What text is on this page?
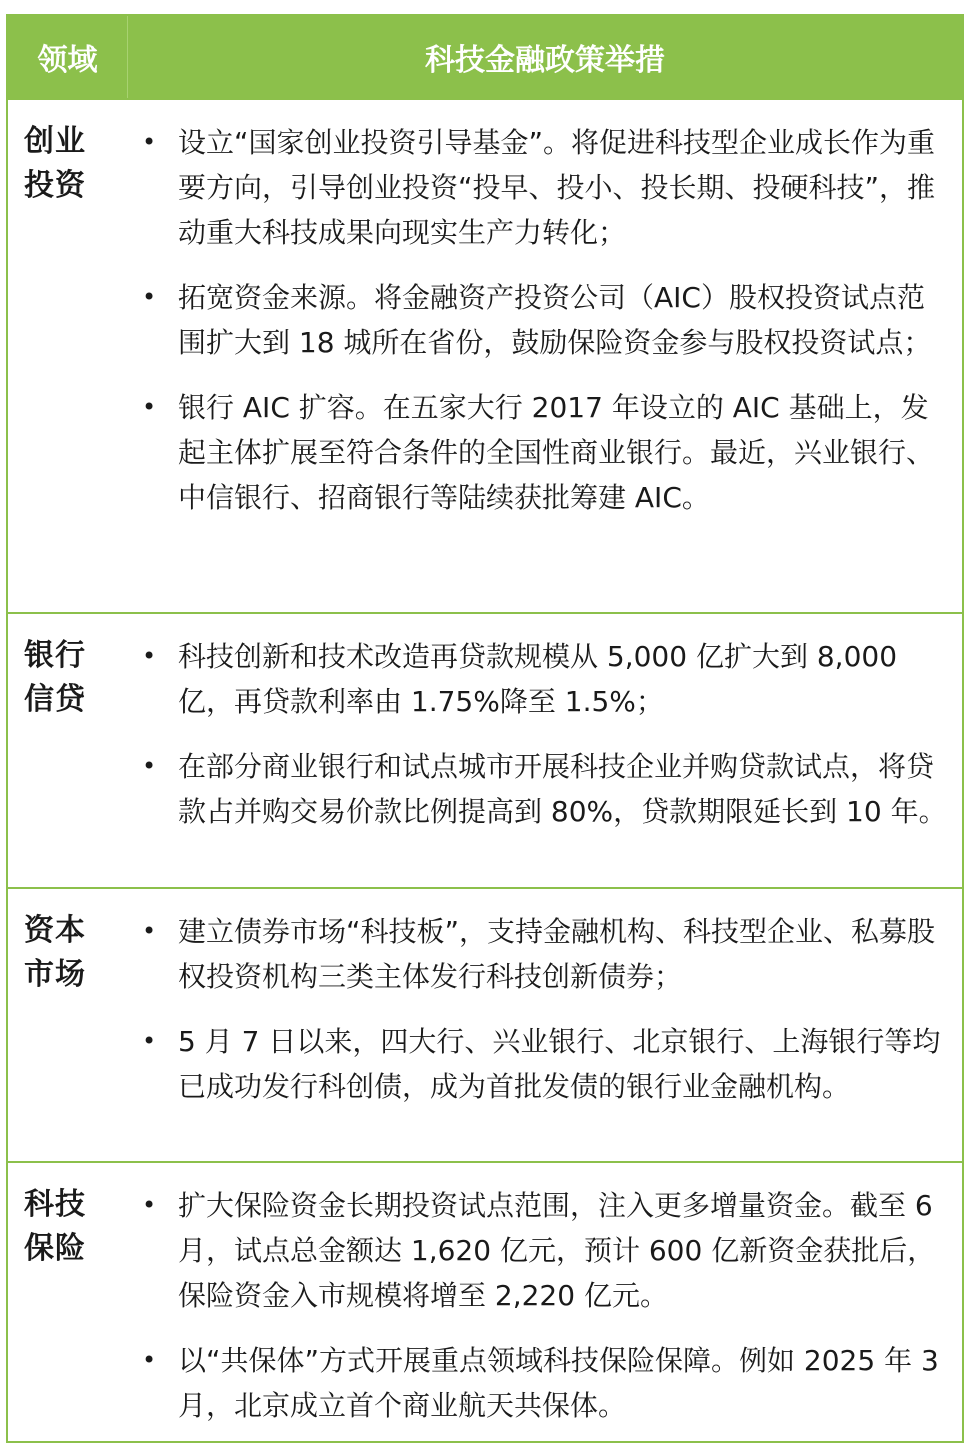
领域	科技金融政策举措
创业投资
• 设立“国家创业投资引导基金”。将促进科技型企业成长作为重要方向，引导创业投资“投早、投小、投长期、投硬科技”，推动重大科技成果向现实生产力转化；
• 拓宽资金来源。将金融资产投资公司（AIC）股权投资试点范围扩大到 18 城所在省份，鼓励保险资金参与股权投资试点；
• 银行 AIC 扩容。在五家大行 2017 年设立的 AIC 基础上，发起主体扩展至符合条件的全国性商业银行。最近，兴业银行、中信银行、招商银行等陆续获批筹建 AIC。
银行信贷
• 科技创新和技术改造再贷款规模从 5,000 亿扩大到 8,000 亿，再贷款利率由 1.75%降至 1.5%；
• 在部分商业银行和试点城市开展科技企业并购贷款试点，将贷款占并购交易价款比例提高到 80%，贷款期限延长到 10 年。
资本市场
• 建立债券市场“科技板”，支持金融机构、科技型企业、私募股权投资机构三类主体发行科技创新债券；
• 5 月 7 日以来，四大行、兴业银行、北京银行、上海银行等均已成功发行科创债，成为首批发债的银行业金融机构。
科技保险
• 扩大保险资金长期投资试点范围，注入更多增量资金。截至 6 月，试点总金额达 1,620 亿元，预计 600 亿新资金获批后，保险资金入市规模将增至 2,220 亿元。
• 以“共保体”方式开展重点领域科技保险保障。例如 2025 年 3 月，北京成立首个商业航天共保体。
